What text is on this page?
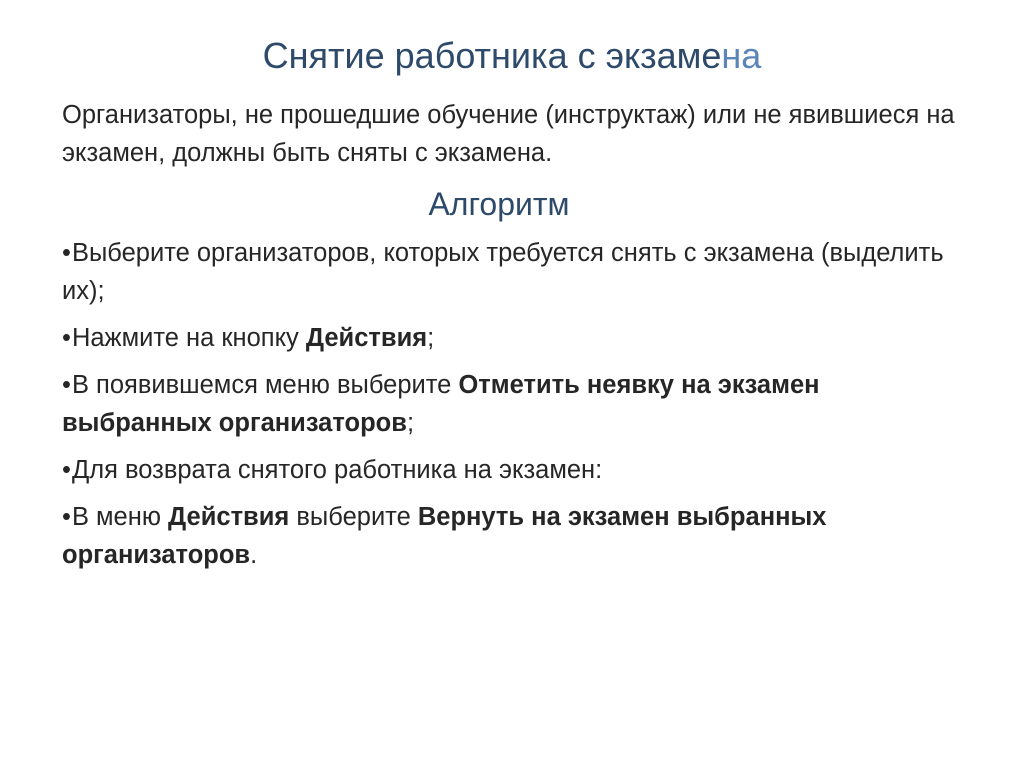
Снятие работника с экзамена

Организаторы, не прошедшие обучение (инструктаж) или не явившиеся на экзамен, должны быть сняты с экзамена.

Алгоритм
•Выберите организаторов, которых требуется снять с экзамена (выделить их);
•Нажмите на кнопку Действия;
•В появившемся меню выберите Отметить неявку на экзамен выбранных организаторов;
•Для возврата снятого работника на экзамен:
•В меню Действия выберите Вернуть на экзамен выбранных организаторов.
